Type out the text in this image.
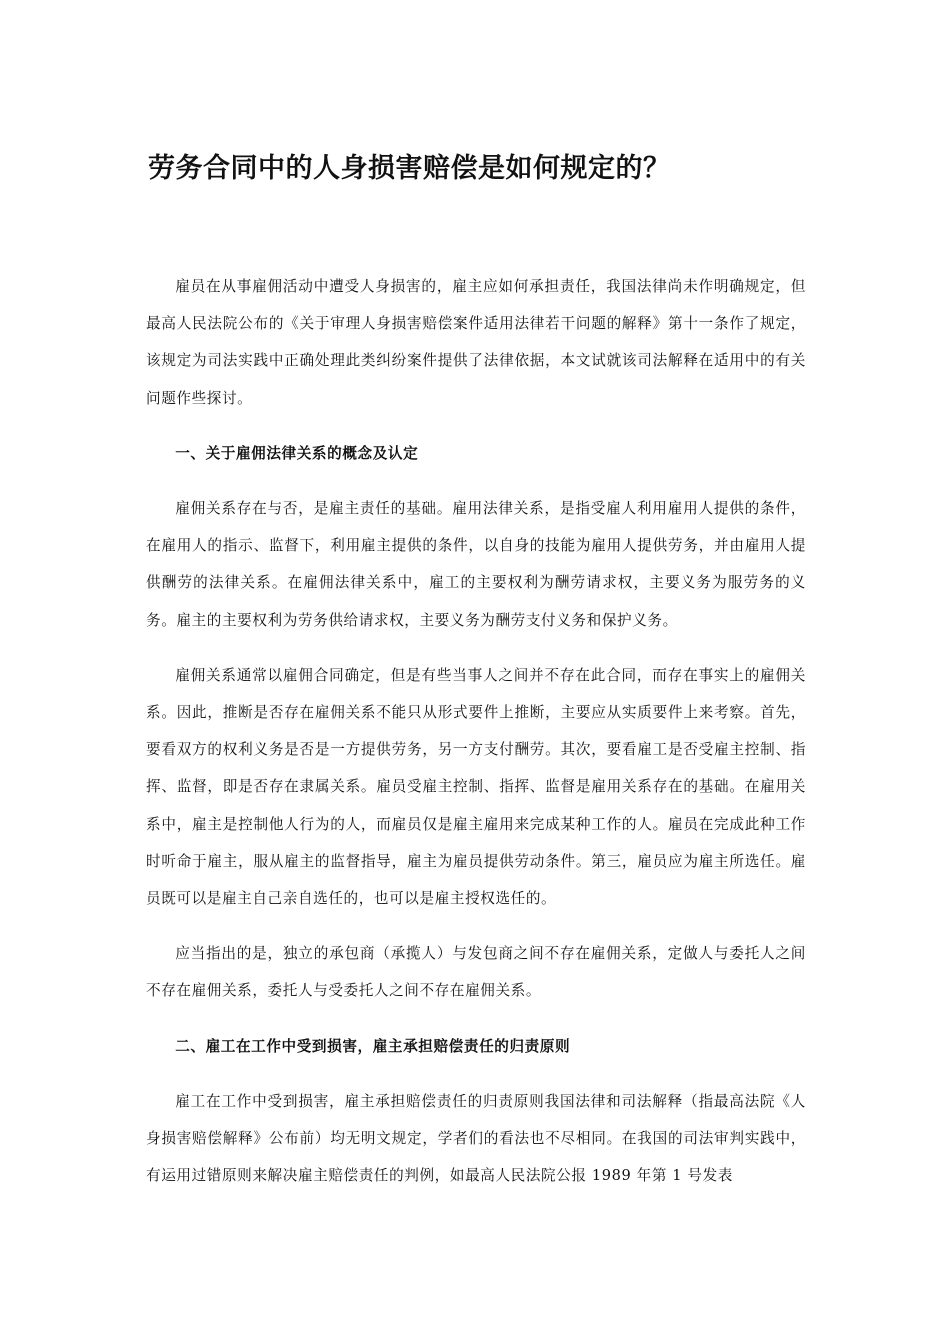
劳务合同中的人身损害赔偿是如何规定的？

雇员在从事雇佣活动中遭受人身损害的，雇主应如何承担责任，我国法律尚未作明确规定，但最高人民法院公布的《关于审理人身损害赔偿案件适用法律若干问题的解释》第十一条作了规定，该规定为司法实践中正确处理此类纠纷案件提供了法律依据，本文试就该司法解释在适用中的有关问题作些探讨。

一、关于雇佣法律关系的概念及认定

雇佣关系存在与否，是雇主责任的基础。雇用法律关系，是指受雇人利用雇用人提供的条件，在雇用人的指示、监督下，利用雇主提供的条件，以自身的技能为雇用人提供劳务，并由雇用人提供酬劳的法律关系。在雇佣法律关系中，雇工的主要权利为酬劳请求权，主要义务为服劳务的义务。雇主的主要权利为劳务供给请求权，主要义务为酬劳支付义务和保护义务。

雇佣关系通常以雇佣合同确定，但是有些当事人之间并不存在此合同，而存在事实上的雇佣关系。因此，推断是否存在雇佣关系不能只从形式要件上推断，主要应从实质要件上来考察。首先，要看双方的权利义务是否是一方提供劳务，另一方支付酬劳。其次，要看雇工是否受雇主控制、指挥、监督，即是否存在隶属关系。雇员受雇主控制、指挥、监督是雇用关系存在的基础。在雇用关系中，雇主是控制他人行为的人，而雇员仅是雇主雇用来完成某种工作的人。雇员在完成此种工作时听命于雇主，服从雇主的监督指导，雇主为雇员提供劳动条件。第三，雇员应为雇主所选任。雇员既可以是雇主自己亲自选任的，也可以是雇主授权选任的。

应当指出的是，独立的承包商（承揽人）与发包商之间不存在雇佣关系，定做人与委托人之间不存在雇佣关系，委托人与受委托人之间不存在雇佣关系。

二、雇工在工作中受到损害，雇主承担赔偿责任的归责原则

雇工在工作中受到损害，雇主承担赔偿责任的归责原则我国法律和司法解释（指最高法院《人身损害赔偿解释》公布前）均无明文规定，学者们的看法也不尽相同。在我国的司法审判实践中，有运用过错原则来解决雇主赔偿责任的判例，如最高人民法院公报 1989 年第 1 号发表
